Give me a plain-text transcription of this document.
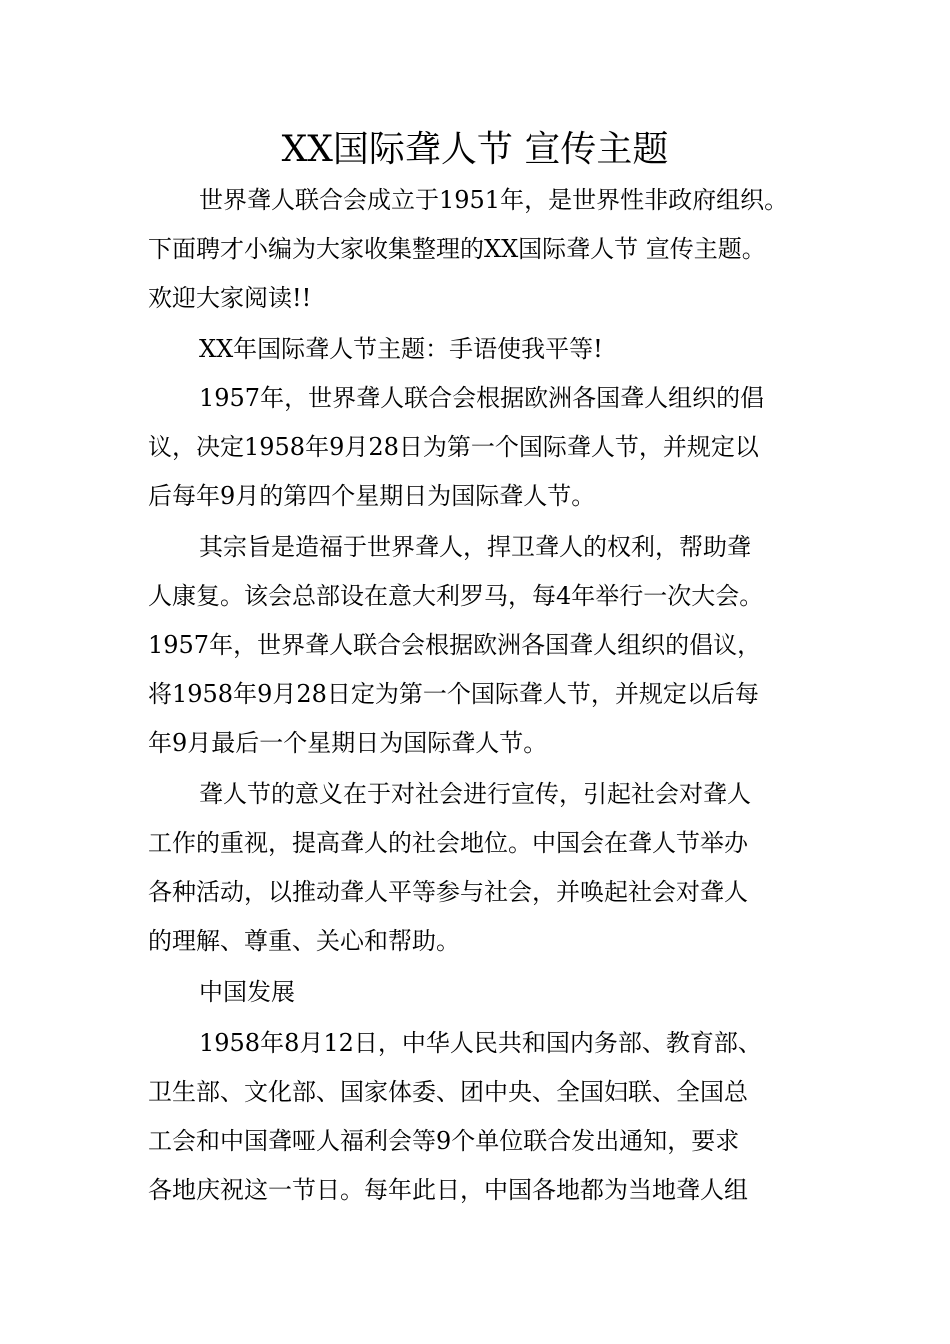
XX国际聋人节 宣传主题

世界聋人联合会成立于1951年，是世界性非政府组织。

下面聘才小编为大家收集整理的XX国际聋人节 宣传主题。

欢迎大家阅读!!

XX年国际聋人节主题：手语使我平等!

1957年，世界聋人联合会根据欧洲各国聋人组织的倡

议，决定1958年9月28日为第一个国际聋人节，并规定以

后每年9月的第四个星期日为国际聋人节。

其宗旨是造福于世界聋人，捍卫聋人的权利，帮助聋

人康复。该会总部设在意大利罗马，每4年举行一次大会。

1957年，世界聋人联合会根据欧洲各国聋人组织的倡议，

将1958年9月28日定为第一个国际聋人节，并规定以后每

年9月最后一个星期日为国际聋人节。

聋人节的意义在于对社会进行宣传，引起社会对聋人

工作的重视，提高聋人的社会地位。中国会在聋人节举办

各种活动，以推动聋人平等参与社会，并唤起社会对聋人

的理解、尊重、关心和帮助。

中国发展

1958年8月12日，中华人民共和国内务部、教育部、

卫生部、文化部、国家体委、团中央、全国妇联、全国总

工会和中国聋哑人福利会等9个单位联合发出通知，要求

各地庆祝这一节日。每年此日，中国各地都为当地聋人组
